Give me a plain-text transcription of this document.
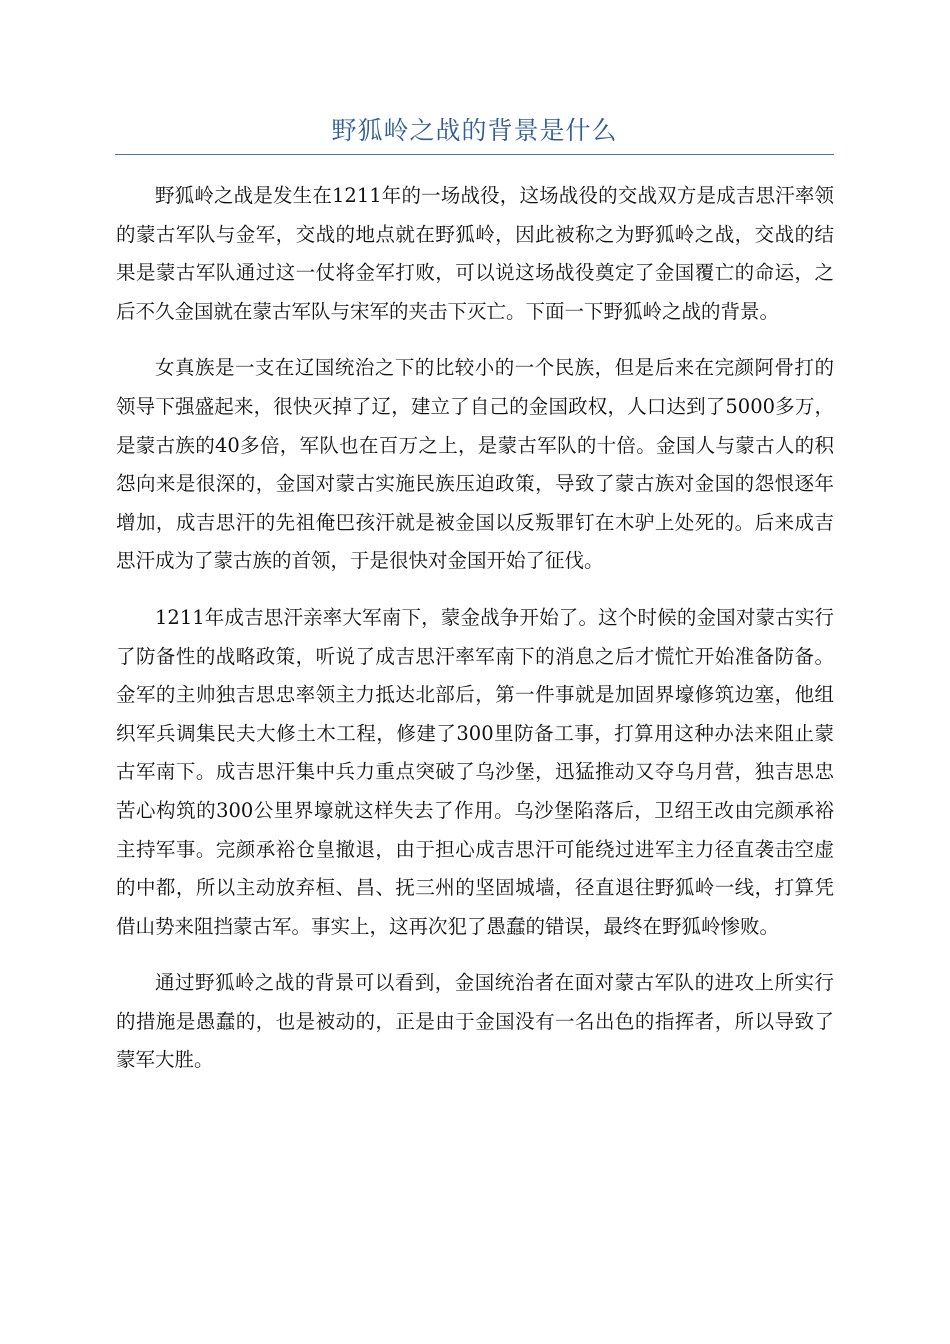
野狐岭之战的背景是什么

野狐岭之战是发生在1211年的一场战役，这场战役的交战双方是成吉思汗率领的蒙古军队与金军，交战的地点就在野狐岭，因此被称之为野狐岭之战，交战的结果是蒙古军队通过这一仗将金军打败，可以说这场战役奠定了金国覆亡的命运，之后不久金国就在蒙古军队与宋军的夹击下灭亡。下面一下野狐岭之战的背景。

女真族是一支在辽国统治之下的比较小的一个民族，但是后来在完颜阿骨打的领导下强盛起来，很快灭掉了辽，建立了自己的金国政权，人口达到了5000多万，是蒙古族的40多倍，军队也在百万之上，是蒙古军队的十倍。金国人与蒙古人的积怨向来是很深的，金国对蒙古实施民族压迫政策，导致了蒙古族对金国的怨恨逐年增加，成吉思汗的先祖俺巴孩汗就是被金国以反叛罪钉在木驴上处死的。后来成吉思汗成为了蒙古族的首领，于是很快对金国开始了征伐。

1211年成吉思汗亲率大军南下，蒙金战争开始了。这个时候的金国对蒙古实行了防备性的战略政策，听说了成吉思汗率军南下的消息之后才慌忙开始准备防备。金军的主帅独吉思忠率领主力抵达北部后，第一件事就是加固界壕修筑边塞，他组织军兵调集民夫大修土木工程，修建了300里防备工事，打算用这种办法来阻止蒙古军南下。成吉思汗集中兵力重点突破了乌沙堡，迅猛推动又夺乌月营，独吉思忠苦心构筑的300公里界壕就这样失去了作用。乌沙堡陷落后，卫绍王改由完颜承裕主持军事。完颜承裕仓皇撤退，由于担心成吉思汗可能绕过进军主力径直袭击空虚的中都，所以主动放弃桓、昌、抚三州的坚固城墙，径直退往野狐岭一线，打算凭借山势来阻挡蒙古军。事实上，这再次犯了愚蠢的错误，最终在野狐岭惨败。

通过野狐岭之战的背景可以看到，金国统治者在面对蒙古军队的进攻上所实行的措施是愚蠢的，也是被动的，正是由于金国没有一名出色的指挥者，所以导致了蒙军大胜。
